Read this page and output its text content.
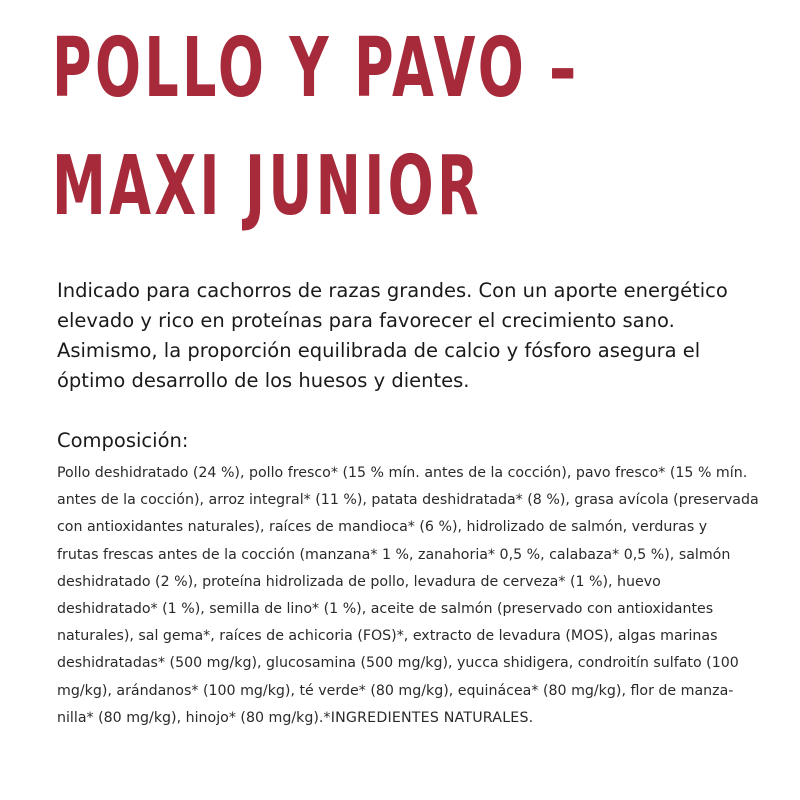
POLLO Y PAVO –
MAXI JUNIOR

Indicado para cachorros de razas grandes. Con un aporte energético
elevado y rico en proteínas para favorecer el crecimiento sano.
Asimismo, la proporción equilibrada de calcio y fósforo asegura el
óptimo desarrollo de los huesos y dientes.

Composición:

Pollo deshidratado (24 %), pollo fresco* (15 % mín. antes de la cocción), pavo fresco* (15 % mín.
antes de la cocción), arroz integral* (11 %), patata deshidratada* (8 %), grasa avícola (preservada
con antioxidantes naturales), raíces de mandioca* (6 %), hidrolizado de salmón, verduras y
frutas frescas antes de la cocción (manzana* 1 %, zanahoria* 0,5 %, calabaza* 0,5 %), salmón
deshidratado (2 %), proteína hidrolizada de pollo, levadura de cerveza* (1 %), huevo
deshidratado* (1 %), semilla de lino* (1 %), aceite de salmón (preservado con antioxidantes
naturales), sal gema*, raíces de achicoria (FOS)*, extracto de levadura (MOS), algas marinas
deshidratadas* (500 mg/kg), glucosamina (500 mg/kg), yucca shidigera, condroitín sulfato (100
mg/kg), arándanos* (100 mg/kg), té verde* (80 mg/kg), equinácea* (80 mg/kg), flor de manza-
nilla* (80 mg/kg), hinojo* (80 mg/kg).*INGREDIENTES NATURALES.
